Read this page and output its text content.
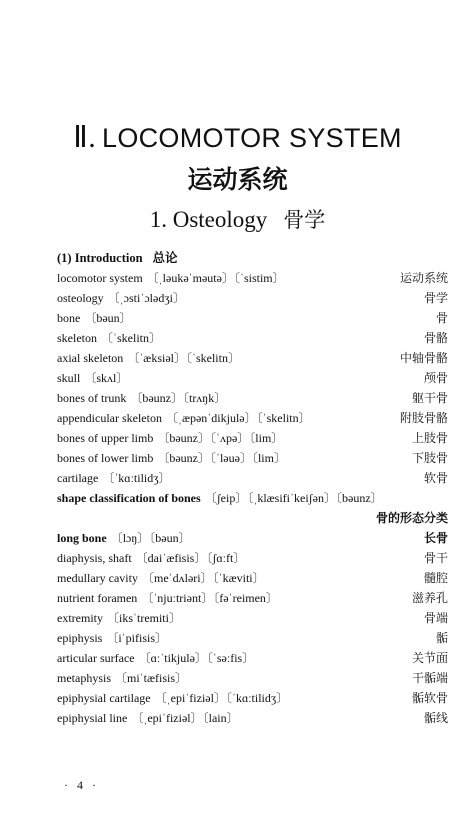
Ⅱ. LOCOMOTOR SYSTEM
运动系统
1. Osteology 骨学
(1) Introduction 总论
locomotor system 〔ˌləukəˈməutə〕〔ˈsistim〕	运动系统
osteology 〔ˌɔstiˈɔlədʒi〕	骨学
bone 〔bəun〕	骨
skeleton 〔ˈskelitn〕	骨骼
axial skeleton 〔ˈæksiəl〕〔ˈskelitn〕	中轴骨骼
skull 〔skʌl〕	颅骨
bones of trunk 〔bəunz〕〔trʌŋk〕	躯干骨
appendicular skeleton 〔ˌæpənˈdikjulə〕〔ˈskelitn〕	附肢骨骼
bones of upper limb 〔bəunz〕〔ˈʌpə〕〔lim〕	上肢骨
bones of lower limb 〔bəunz〕〔ˈləuə〕〔lim〕	下肢骨
cartilage 〔ˈkɑːtilidʒ〕	软骨
shape classification of bones 〔ʃeip〕〔ˌklæsifiˈkeiʃən〕〔bəunz〕
骨的形态分类
long bone 〔lɔŋ〕〔bəun〕	长骨
diaphysis, shaft 〔daiˈæfisis〕〔ʃɑːft〕	骨干
medullary cavity 〔meˈdʌləri〕〔ˈkæviti〕	髓腔
nutrient foramen 〔ˈnjuːtriənt〕〔fəˈreimen〕	滋养孔
extremity 〔iksˈtremiti〕	骨端
epiphysis 〔iˈpifisis〕	骺
articular surface 〔ɑːˈtikjulə〕〔ˈsəːfis〕	关节面
metaphysis 〔miˈtæfisis〕	干骺端
epiphysial cartilage 〔ˌepiˈfiziəl〕〔ˈkɑːtilidʒ〕	骺软骨
epiphysial line 〔ˌepiˈfiziəl〕〔lain〕	骺线
· 4 ·
